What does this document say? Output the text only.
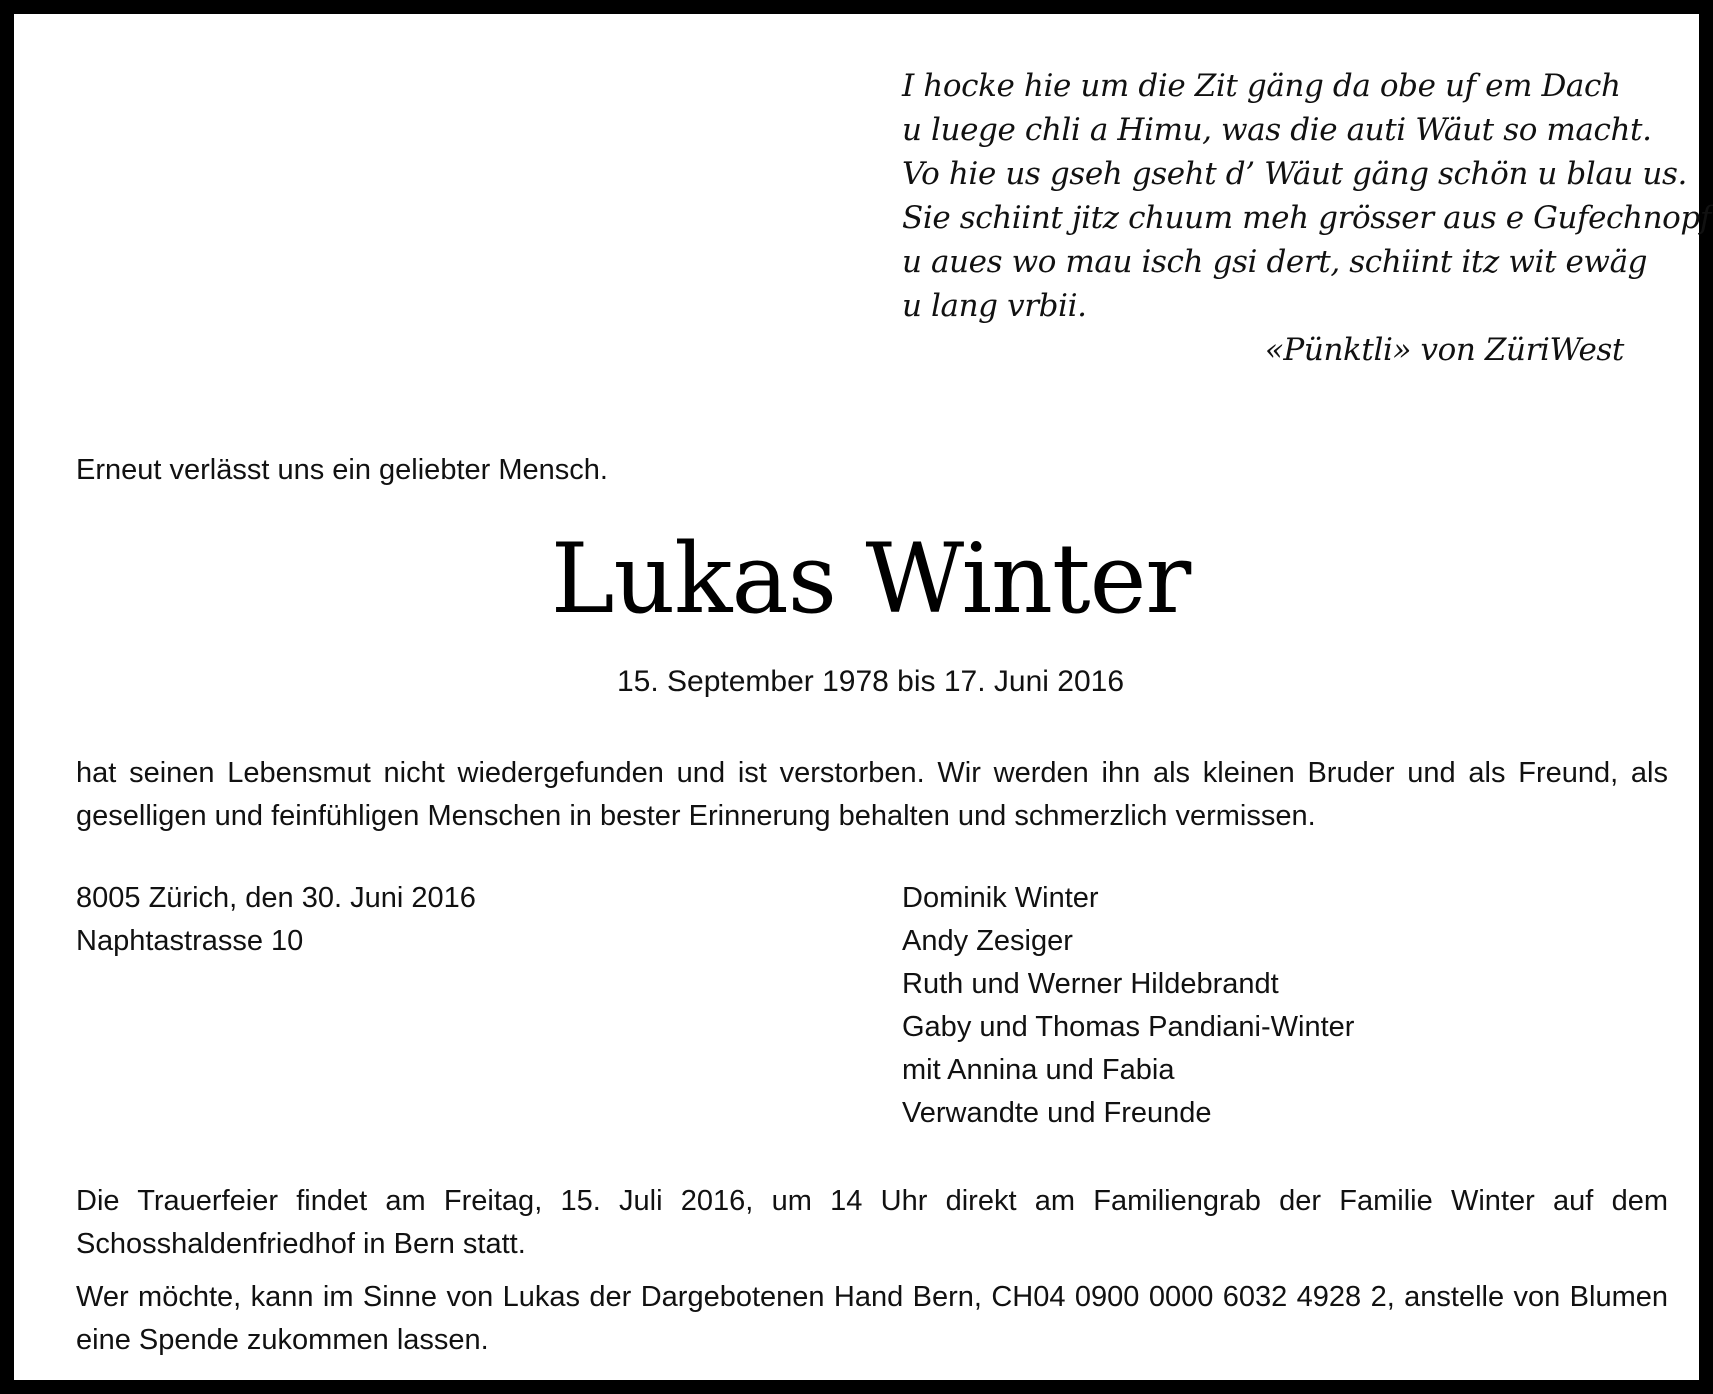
I hocke hie um die Zit gäng da obe uf em Dach
u luege chli a Himu, was die auti Wäut so macht.
Vo hie us gseh gseht d’ Wäut gäng schön u blau us.
Sie schiint jitz chuum meh grösser aus e Gufechnopf
u aues wo mau isch gsi dert, schiint itz wit ewäg
u lang vrbii.
«Pünktli» von ZüriWest
Erneut verlässt uns ein geliebter Mensch.
Lukas Winter
15. September 1978 bis 17. Juni 2016
hat seinen Lebensmut nicht wiedergefunden und ist verstorben. Wir werden ihn als kleinen Bruder und als Freund, als geselligen und feinfühligen Menschen in bester Erinnerung behalten und schmerzlich vermissen.
8005 Zürich, den 30. Juni 2016
Naphtastrasse 10
Dominik Winter
Andy Zesiger
Ruth und Werner Hildebrandt
Gaby und Thomas Pandiani-Winter
mit Annina und Fabia
Verwandte und Freunde
Die Trauerfeier findet am Freitag, 15. Juli 2016, um 14 Uhr direkt am Familiengrab der Familie Winter auf dem Schosshaldenfriedhof in Bern statt.
Wer möchte, kann im Sinne von Lukas der Dargebotenen Hand Bern, CH04 0900 0000 6032 4928 2, anstelle von Blumen eine Spende zukommen lassen.
